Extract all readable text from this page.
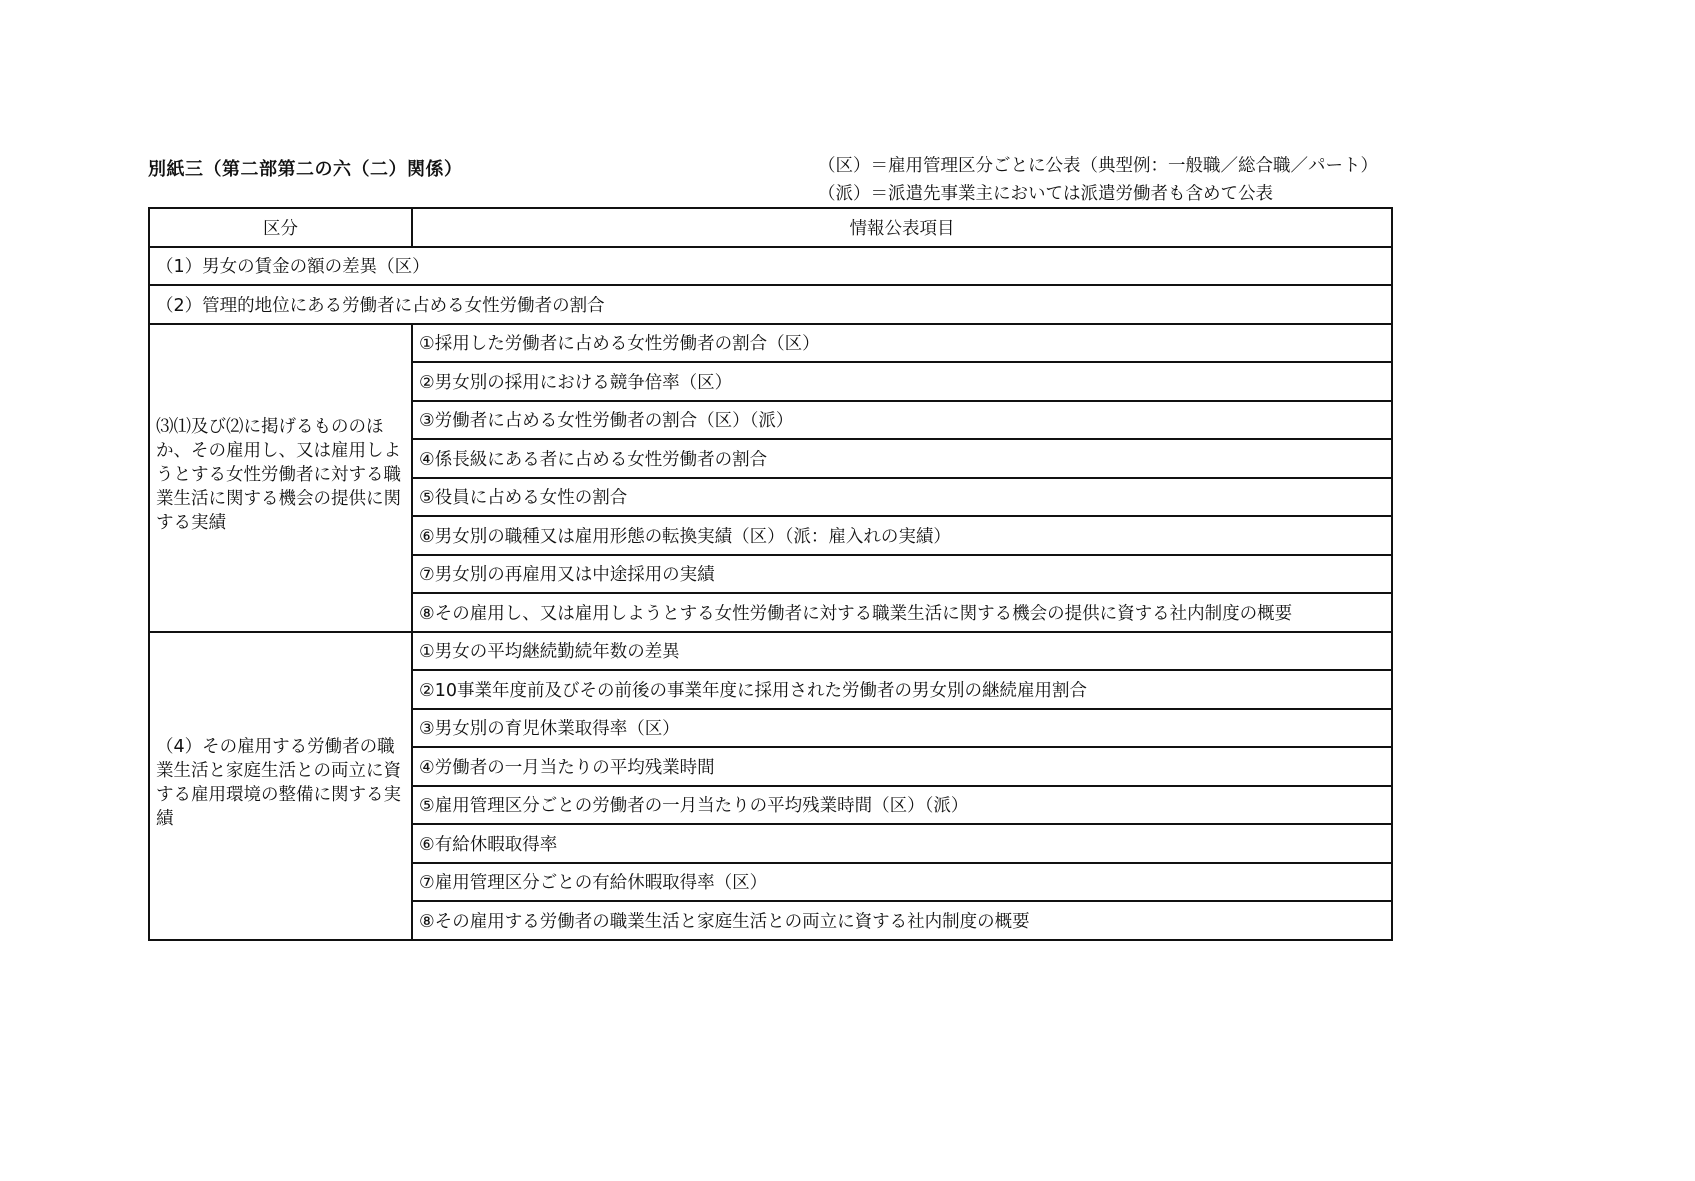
別紙三（第二部第二の六（二）関係）	（区）＝雇用管理区分ごとに公表（典型例：一般職／総合職／パート）
（派）＝派遣先事業主においては派遣労働者も含めて公表
区分	情報公表項目
（1）男女の賃金の額の差異（区）	
（2）管理的地位にある労働者に占める女性労働者の割合	
⑶⑴及び⑵に掲げるもののほか、その雇用し、又は雇用しようとする女性労働者に対する職業生活に関する機会の提供に関する実績	①採用した労働者に占める女性労働者の割合（区）
	②男女別の採用における競争倍率（区）
	③労働者に占める女性労働者の割合（区）（派）
	④係長級にある者に占める女性労働者の割合
	⑤役員に占める女性の割合
	⑥男女別の職種又は雇用形態の転換実績（区）（派：雇入れの実績）
	⑦男女別の再雇用又は中途採用の実績
	⑧その雇用し、又は雇用しようとする女性労働者に対する職業生活に関する機会の提供に資する社内制度の概要
（4）その雇用する労働者の職業生活と家庭生活との両立に資する雇用環境の整備に関する実績	①男女の平均継続勤続年数の差異
	②10事業年度前及びその前後の事業年度に採用された労働者の男女別の継続雇用割合
	③男女別の育児休業取得率（区）
	④労働者の一月当たりの平均残業時間
	⑤雇用管理区分ごとの労働者の一月当たりの平均残業時間（区）（派）
	⑥有給休暇取得率
	⑦雇用管理区分ごとの有給休暇取得率（区）
	⑧その雇用する労働者の職業生活と家庭生活との両立に資する社内制度の概要
